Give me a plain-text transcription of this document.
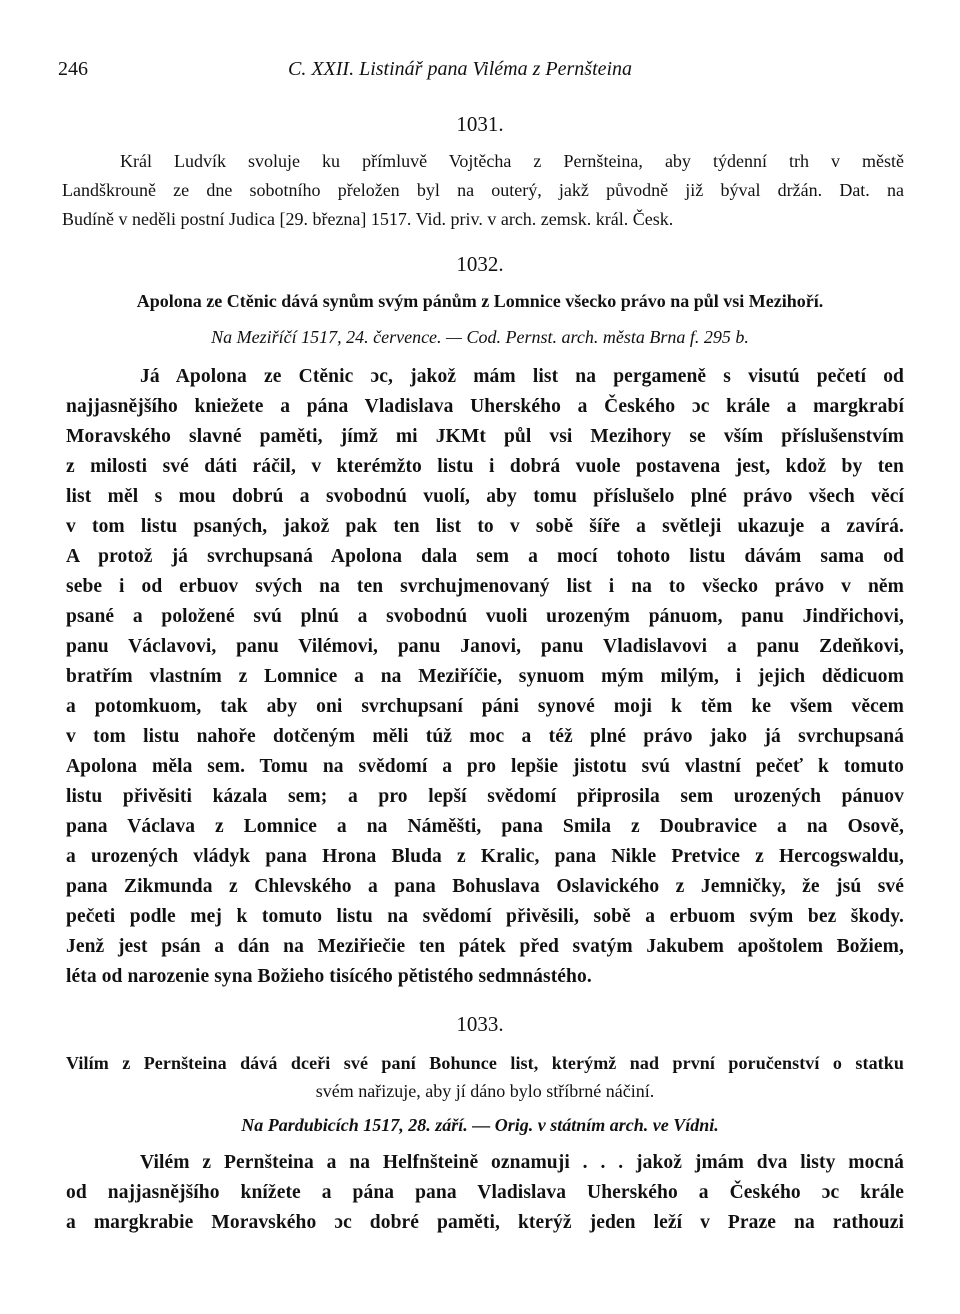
246	C. XXII. Listinář pana Viléma z Pernšteina
1031.
Král Ludvík svoluje ku přímluvě Vojtěcha z Pernšteina, aby týdenní trh v městě
Landškrouně ze dne sobotního přeložen byl na outerý, jakž původně již býval držán. Dat. na
Budíně v neděli postní Judica [29. března] 1517. Vid. priv. v arch. zemsk. král. Česk.
1032.
Apolona ze Ctěnic dává synům svým pánům z Lomnice všecko právo na půl vsi Mezihoří.
Na Meziříčí 1517, 24. července. — Cod. Pernst. arch. města Brna f. 295 b.
Já Apolona ze Ctěnic ɔc, jakož mám list na pergameně s visutú pečetí od
najjasnějšího kniežete a pána Vladislava Uherského a Českého ɔc krále a margkrabí
Moravského slavné paměti, jímž mi JKMt půl vsi Mezihory se vším příslušenstvím
z milosti své dáti ráčil, v kterémžto listu i dobrá vuole postavena jest, kdož by ten
list měl s mou dobrú a svobodnú vuolí, aby tomu příslušelo plné právo všech věcí
v tom listu psaných, jakož pak ten list to v sobě šíře a světleji ukazuje a zavírá.
A protož já svrchupsaná Apolona dala sem a mocí tohoto listu dávám sama od
sebe i od erbuov svých na ten svrchujmenovaný list i na to všecko právo v něm
psané a položené svú plnú a svobodnú vuoli urozeným pánuom, panu Jindřichovi,
panu Václavovi, panu Vilémovi, panu Janovi, panu Vladislavovi a panu Zdeňkovi,
bratřím vlastním z Lomnice a na Meziříčie, synuom mým milým, i jejich dědicuom
a potomkuom, tak aby oni svrchupsaní páni synové moji k těm ke všem věcem
v tom listu nahoře dotčeným měli túž moc a též plné právo jako já svrchupsaná
Apolona měla sem. Tomu na svědomí a pro lepšie jistotu svú vlastní pečeť k tomuto
listu přivěsiti kázala sem; a pro lepší svědomí připrosila sem urozených pánuov
pana Václava z Lomnice a na Náměšti, pana Smila z Doubravice a na Osově,
a urozených vládyk pana Hrona Bluda z Kralic, pana Nikle Pretvice z Hercogswaldu,
pana Zikmunda z Chlevského a pana Bohuslava Oslavického z Jemničky, že jsú své
pečeti podle mej k tomuto listu na svědomí přivěsili, sobě a erbuom svým bez škody.
Jenž jest psán a dán na Meziřiečie ten pátek před svatým Jakubem apoštolem Božiem,
léta od narozenie syna Božieho tisícého pětistého sedmnástého.
1033.
Vilím z Pernšteina dává dceři své paní Bohunce list, kterýmž nad první poručenství o statku
svém nařizuje, aby jí dáno bylo stříbrné náčiní.
Na Pardubicích 1517, 28. září. — Orig. v státním arch. ve Vídni.
Vilém z Pernšteina a na Helfnšteině oznamuji . . . jakož jmám dva listy mocná
od najjasnějšího knížete a pána pana Vladislava Uherského a Českého ɔc krále
a margkrabie Moravského ɔc dobré paměti, kterýž jeden leží v Praze na rathouzi
